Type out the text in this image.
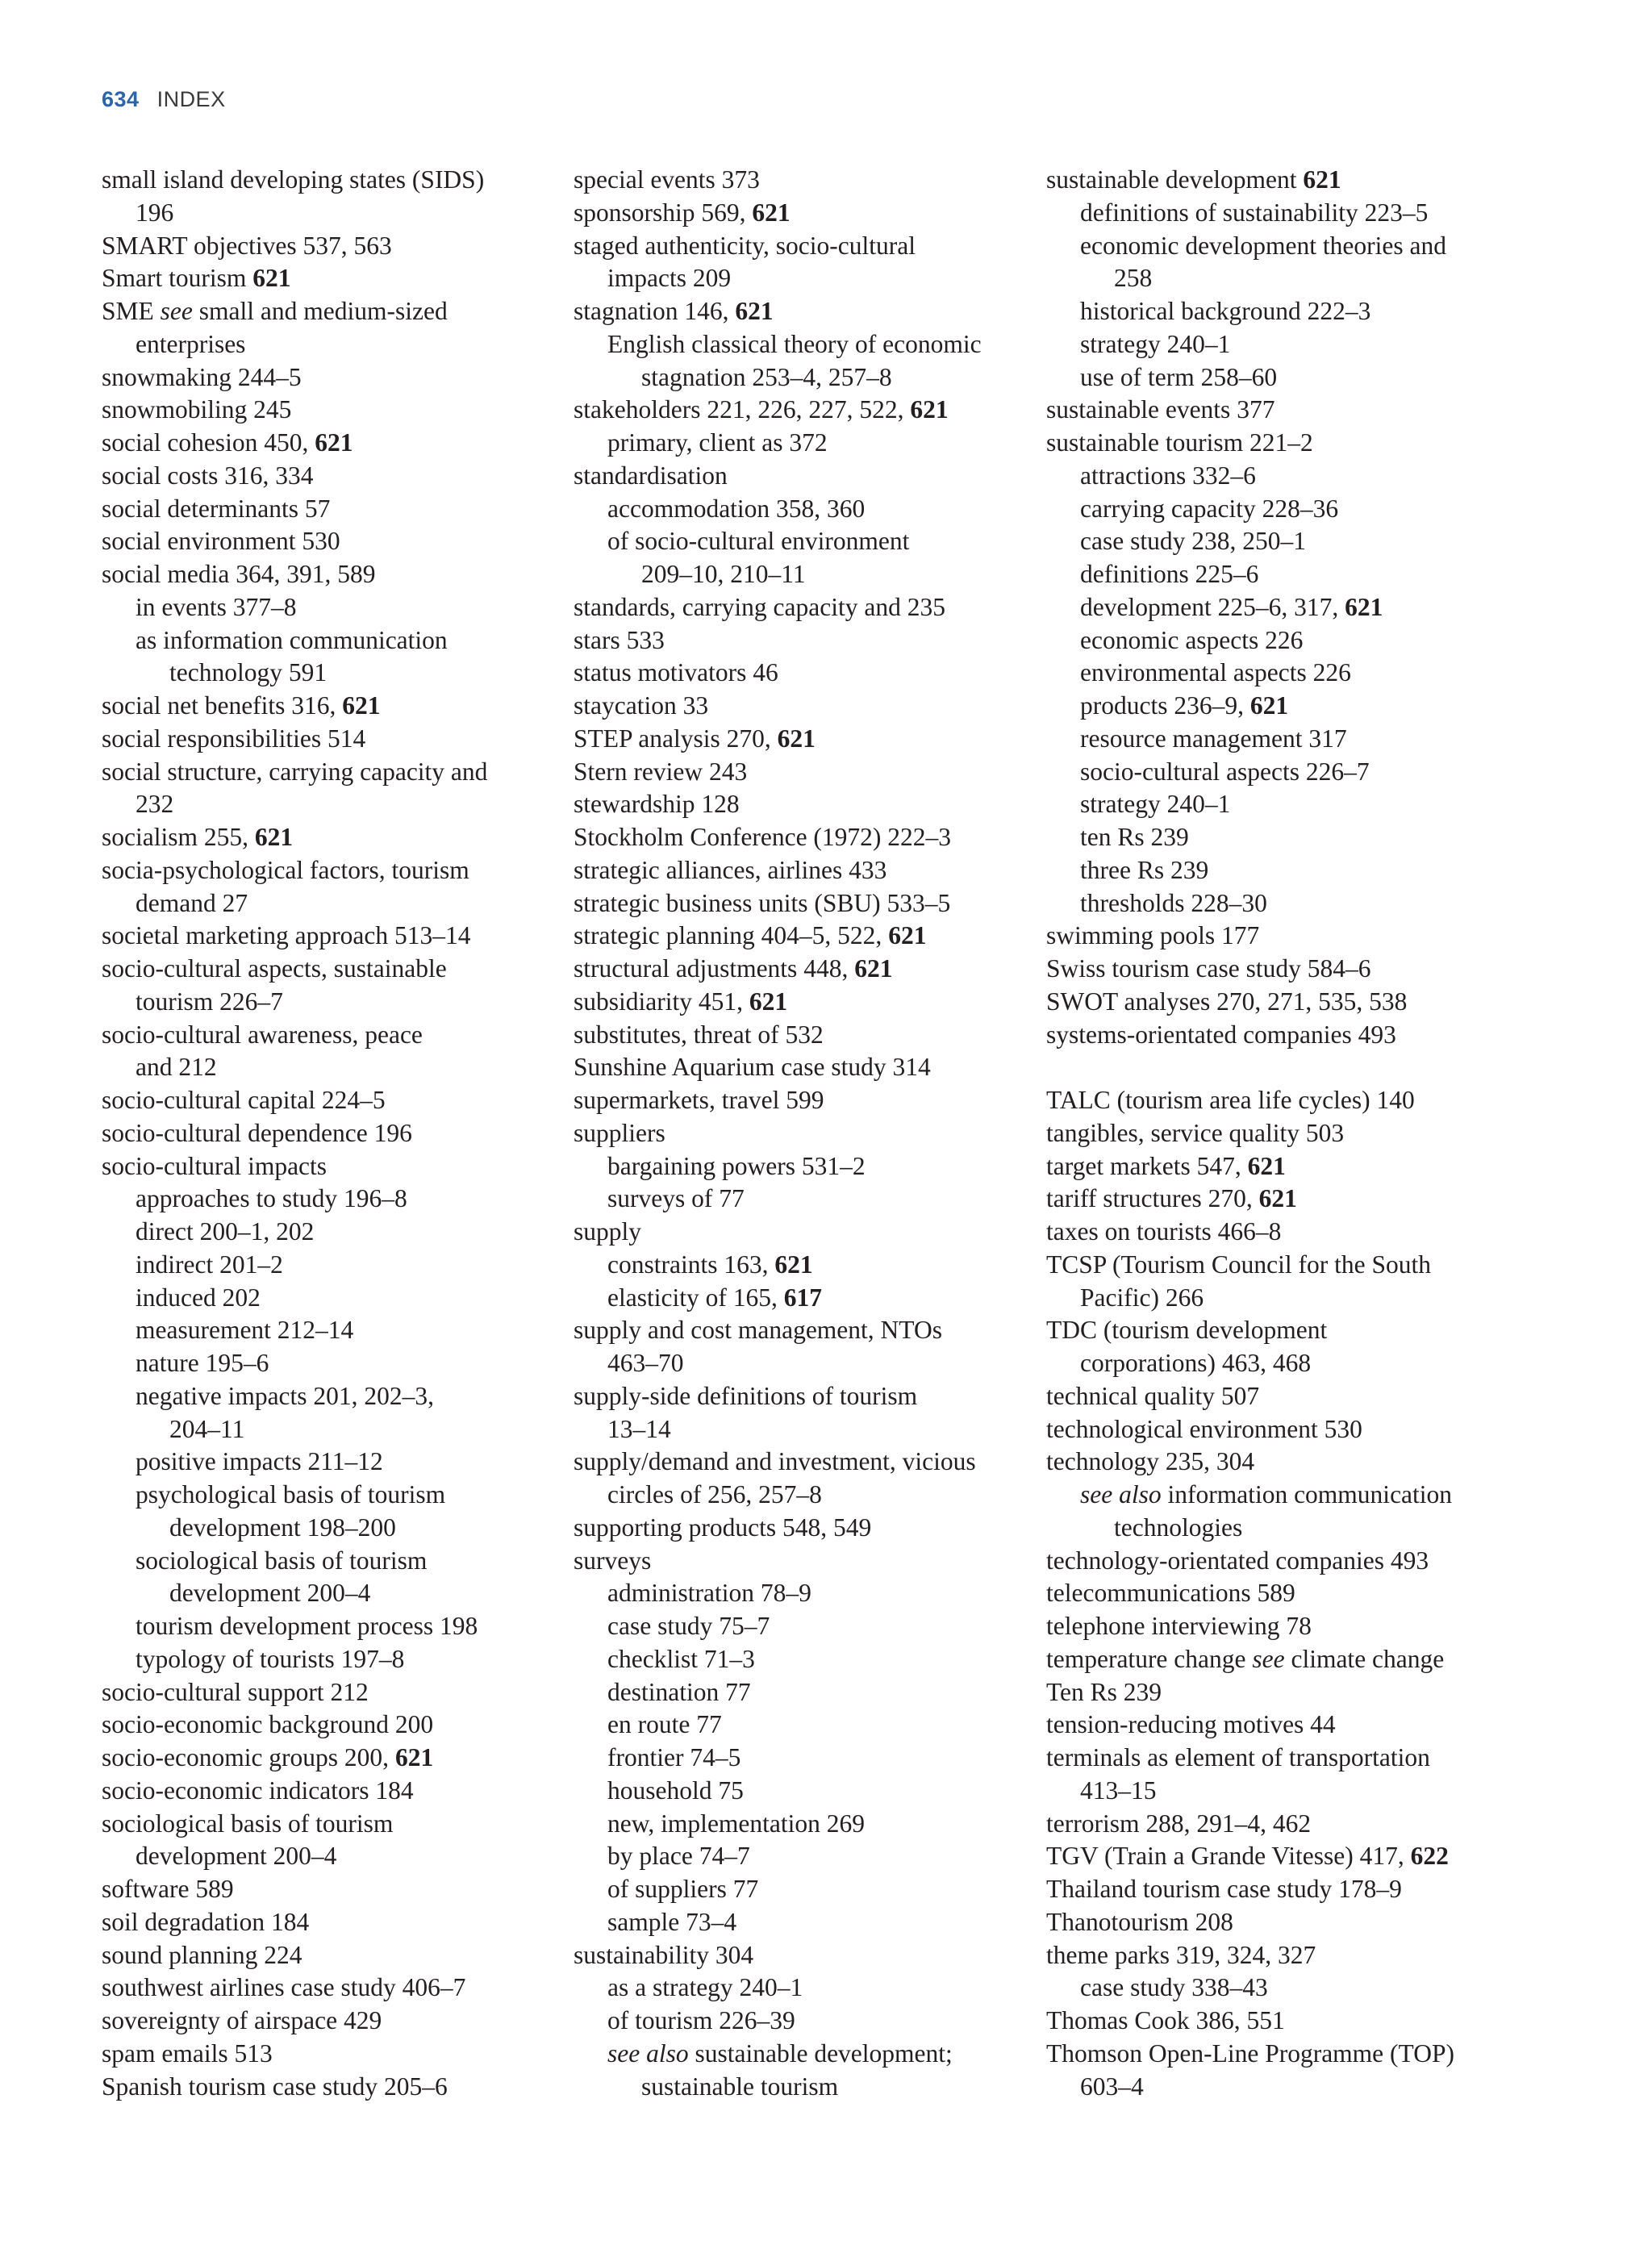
634 INDEX
small island developing states (SIDS)
196
SMART objectives 537, 563
Smart tourism 621
SME see small and medium-sized
enterprises
snowmaking 244–5
snowmobiling 245
social cohesion 450, 621
social costs 316, 334
social determinants 57
social environment 530
social media 364, 391, 589
in events 377–8
as information communication
technology 591
social net benefits 316, 621
social responsibilities 514
social structure, carrying capacity and
232
socialism 255, 621
socia-psychological factors, tourism
demand 27
societal marketing approach 513–14
socio-cultural aspects, sustainable
tourism 226–7
socio-cultural awareness, peace
and 212
socio-cultural capital 224–5
socio-cultural dependence 196
socio-cultural impacts
approaches to study 196–8
direct 200–1, 202
indirect 201–2
induced 202
measurement 212–14
nature 195–6
negative impacts 201, 202–3,
204–11
positive impacts 211–12
psychological basis of tourism
development 198–200
sociological basis of tourism
development 200–4
tourism development process 198
typology of tourists 197–8
socio-cultural support 212
socio-economic background 200
socio-economic groups 200, 621
socio-economic indicators 184
sociological basis of tourism
development 200–4
software 589
soil degradation 184
sound planning 224
southwest airlines case study 406–7
sovereignty of airspace 429
spam emails 513
Spanish tourism case study 205–6
special events 373
sponsorship 569, 621
staged authenticity, socio-cultural
impacts 209
stagnation 146, 621
English classical theory of economic
stagnation 253–4, 257–8
stakeholders 221, 226, 227, 522, 621
primary, client as 372
standardisation
accommodation 358, 360
of socio-cultural environment
209–10, 210–11
standards, carrying capacity and 235
stars 533
status motivators 46
staycation 33
STEP analysis 270, 621
Stern review 243
stewardship 128
Stockholm Conference (1972) 222–3
strategic alliances, airlines 433
strategic business units (SBU) 533–5
strategic planning 404–5, 522, 621
structural adjustments 448, 621
subsidiarity 451, 621
substitutes, threat of 532
Sunshine Aquarium case study 314
supermarkets, travel 599
suppliers
bargaining powers 531–2
surveys of 77
supply
constraints 163, 621
elasticity of 165, 617
supply and cost management, NTOs
463–70
supply-side definitions of tourism
13–14
supply/demand and investment, vicious
circles of 256, 257–8
supporting products 548, 549
surveys
administration 78–9
case study 75–7
checklist 71–3
destination 77
en route 77
frontier 74–5
household 75
new, implementation 269
by place 74–7
of suppliers 77
sample 73–4
sustainability 304
as a strategy 240–1
of tourism 226–39
see also sustainable development;
sustainable tourism
sustainable development 621
definitions of sustainability 223–5
economic development theories and
258
historical background 222–3
strategy 240–1
use of term 258–60
sustainable events 377
sustainable tourism 221–2
attractions 332–6
carrying capacity 228–36
case study 238, 250–1
definitions 225–6
development 225–6, 317, 621
economic aspects 226
environmental aspects 226
products 236–9, 621
resource management 317
socio-cultural aspects 226–7
strategy 240–1
ten Rs 239
three Rs 239
thresholds 228–30
swimming pools 177
Swiss tourism case study 584–6
SWOT analyses 270, 271, 535, 538
systems-orientated companies 493
TALC (tourism area life cycles) 140
tangibles, service quality 503
target markets 547, 621
tariff structures 270, 621
taxes on tourists 466–8
TCSP (Tourism Council for the South
Pacific) 266
TDC (tourism development
corporations) 463, 468
technical quality 507
technological environment 530
technology 235, 304
see also information communication
technologies
technology-orientated companies 493
telecommunications 589
telephone interviewing 78
temperature change see climate change
Ten Rs 239
tension-reducing motives 44
terminals as element of transportation
413–15
terrorism 288, 291–4, 462
TGV (Train a Grande Vitesse) 417, 622
Thailand tourism case study 178–9
Thanotourism 208
theme parks 319, 324, 327
case study 338–43
Thomas Cook 386, 551
Thomson Open-Line Programme (TOP)
603–4
